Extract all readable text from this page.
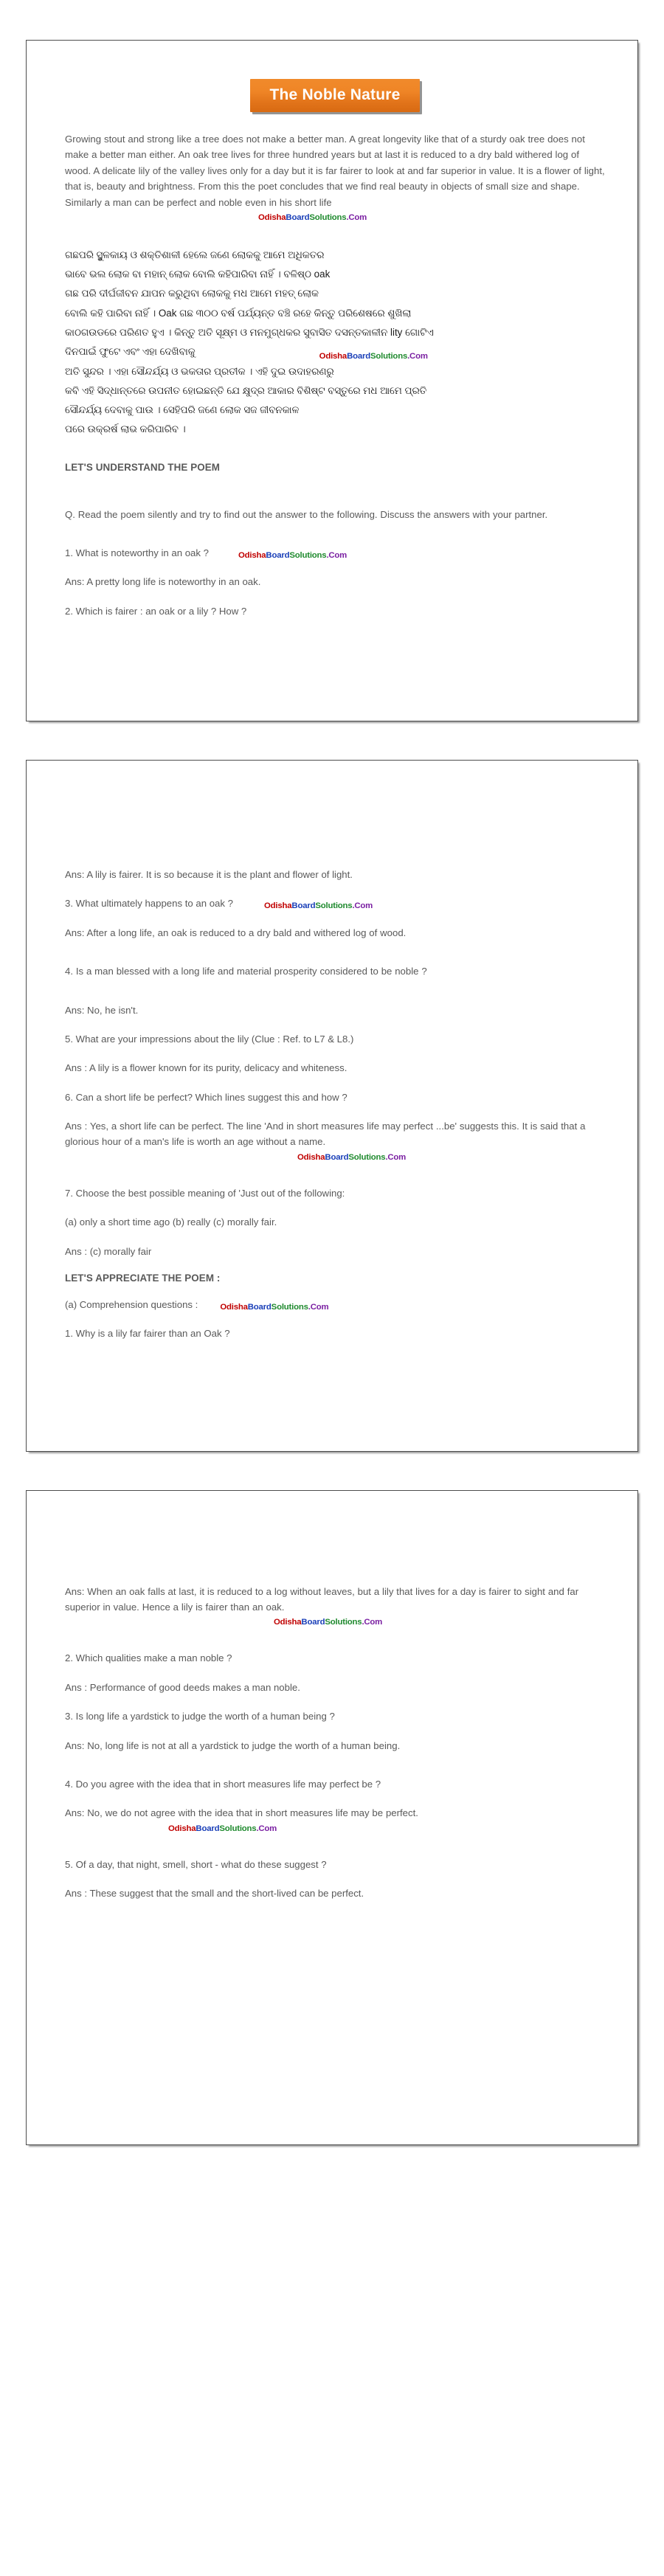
The Noble Nature

Growing stout and strong like a tree does not make a better man. A great longevity like that of a sturdy oak tree does not make a better man either. An oak tree lives for three hundred years but at last it is reduced to a dry bald withered log of wood. A delicate lily of the valley lives only for a day but it is far fairer to look at and far superior in value. It is a flower of light, that is, beauty and brightness. From this the poet concludes that we find real beauty in objects of small size and shape. Similarly a man can be perfect and noble even in his short life

OdishaBoardSolutions.Com
ଗଛପରି ସ୍ଥୁଳକାୟ ଓ ଶକ୍ତିଶାଳୀ ହେଲେ ଜଣେ ଲୋକକୁ ଆମେ ଅଧିକତର
ଭାବେ ଭଲ ଲୋକ ବା ମହାନ୍ ଲୋକ ବୋଲି କହିପାରିବା ନାହିଁ । ବଳିଷ୍ଠ oak
ଗଛ ପରି ଦୀର୍ଘଜୀବନ ଯାପନ କରୁଥିବା ଲୋକକୁ ମଧ ଆମେ ମହତ୍ ଲୋକ
ବୋଲି କହି ପାରିବା ନାହିଁ । Oak ଗଛ ୩୦୦ ବର୍ଷ ପର୍ଯ୍ୟନ୍ତ ବଞ୍ଚି ରହେ କିନ୍ତୁ ପରିଶେଷରେ ଶୁଖିଲା
କାଠଗଉଡରେ ପରିଣତ ହୁଏ । କିନ୍ତୁ ଅତି ସୂକ୍ଷ୍ମ ଓ ମନମୁଗ୍ଧକର ସୁବାସିତ ଦସନ୍ତକାଳୀନ lity ଗୋଟିଏ
ଦିନପାଇଁ ଫୁଟେ ଏବଂ ଏହା ଦେଖିବାକୁ	OdishaBoardSolutions.Com
ଅତି ସୁନ୍ଦର । ଏହା ସୌନ୍ଦର୍ଯ୍ୟ ଓ ଭକତାର ପ୍ରତୀକ । ଏହି ଦୁଇ ଉଦାହରଣରୁ
କବି ଏହି ସିଦ୍ଧାନ୍ତରେ ଉପନୀତ ହୋଇଛନ୍ତି ଯେ କ୍ଷୁଦ୍ର ଆକାର ବିଶିଷ୍ଟ ବସ୍ତୁରେ ମଧ ଆମେ ପ୍ରତି
ସୌନ୍ଦର୍ଯ୍ୟ ଦେବାକୁ ପାଉ । ସେହିପରି ଜଣେ ଲୋକ ସଜ ଜୀବନକାଳ
ପରେ ଉକ୍ରର୍ଷ ଲାଭ କରିପାରିବ ।

LET'S UNDERSTAND THE POEM

Q. Read the poem silently and try to find out the answer to the following. Discuss the answers with your partner.

1. What is noteworthy in an oak ?	OdishaBoardSolutions.Com

Ans: A pretty long life is noteworthy in an oak.

2. Which is fairer : an oak or a lily ? How ?

Ans: A lily is fairer. It is so because it is the plant and flower of light.

3. What ultimately happens to an oak ?	OdishaBoardSolutions.Com

Ans: After a long life, an oak is reduced to a dry bald and withered log of wood.

4. Is a man blessed with a long life and material prosperity considered to be noble ?

Ans: No, he isn't.

5. What are your impressions about the lily (Clue : Ref. to L7 & L8.)

Ans : A lily is a flower known for its purity, delicacy and whiteness.

6. Can a short life be perfect? Which lines suggest this and how ?

Ans : Yes, a short life can be perfect. The line 'And in short measures life may perfect ...be' suggests this. It is said that a glorious hour of a man's life is worth an age without a name.

OdishaBoardSolutions.Com

7. Choose the best possible meaning of 'Just out of the following:

(a) only a short time ago (b) really (c) morally fair.

Ans : (c) morally fair

LET'S APPRECIATE THE POEM :

(a) Comprehension questions :	OdishaBoardSolutions.Com

1. Why is a lily far fairer than an Oak ?

Ans: When an oak falls at last, it is reduced to a log without leaves, but a lily that lives for a day is fairer to sight and far superior in value. Hence a lily is fairer than an oak.

OdishaBoardSolutions.Com

2. Which qualities make a man noble ?

Ans : Performance of good deeds makes a man noble.

3. Is long life a yardstick to judge the worth of a human being ?

Ans: No, long life is not at all a yardstick to judge the worth of a human being.

4. Do you agree with the idea that in short measures life may perfect be ?

Ans: No, we do not agree with the idea that in short measures life may be perfect.

OdishaBoardSolutions.Com

5. Of a day, that night, smell, short - what do these suggest ?

Ans : These suggest that the small and the short-lived can be perfect.
